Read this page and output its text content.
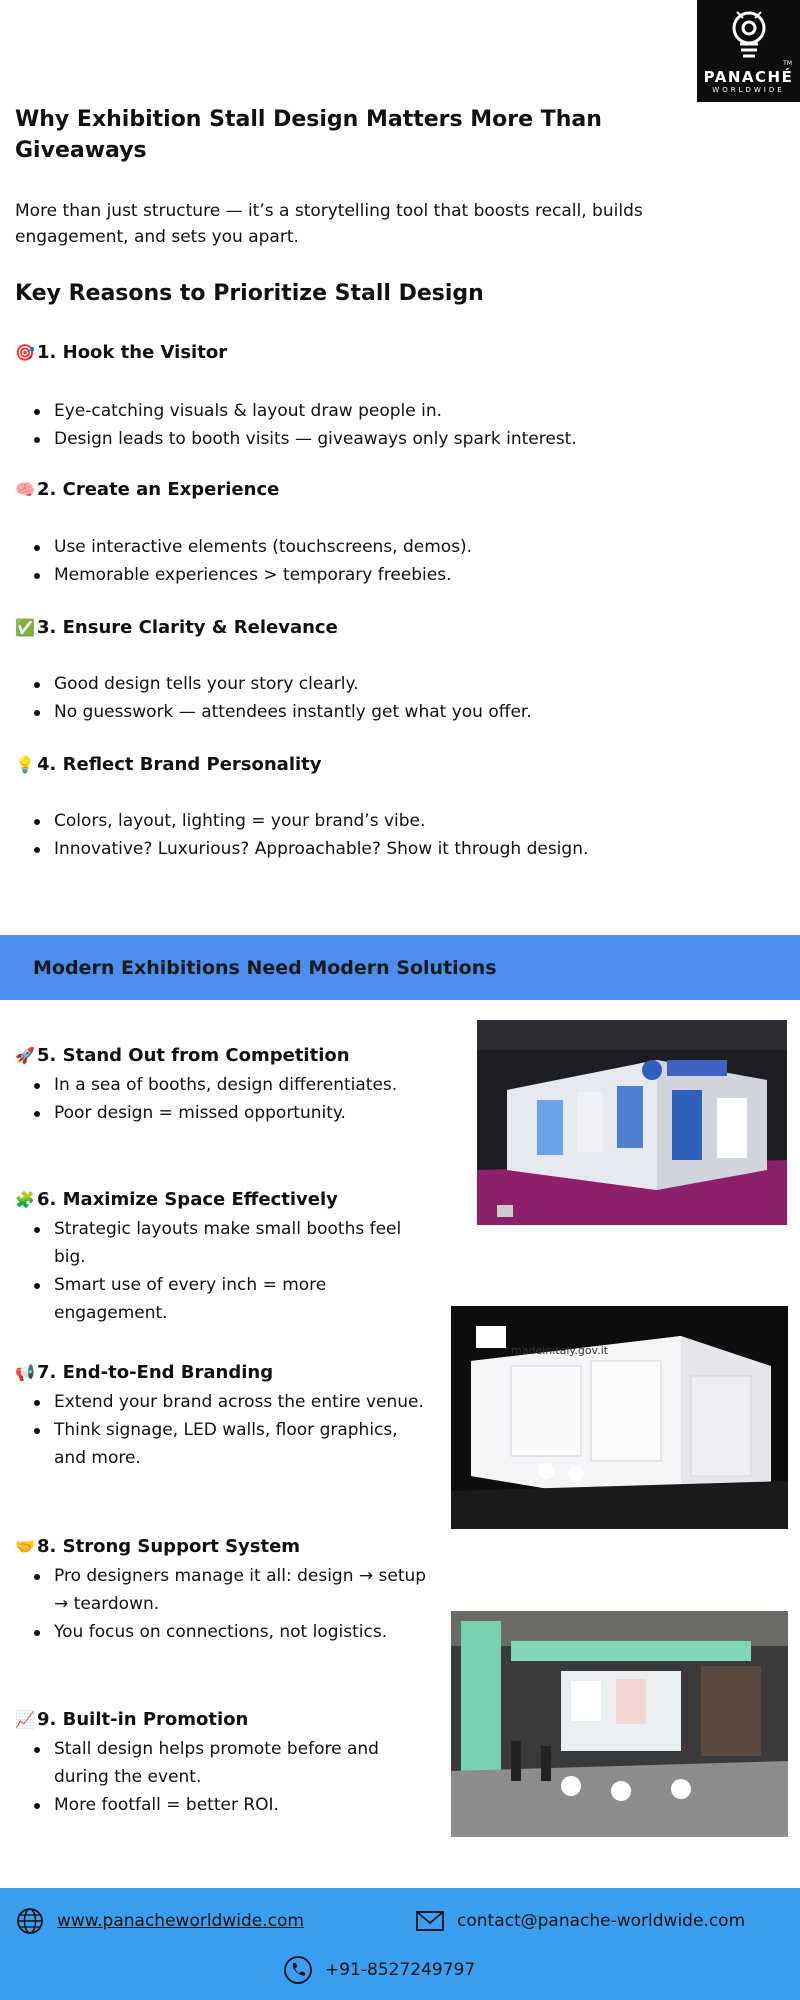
TM
PANACHÉ
WORLDWIDE
Why Exhibition Stall Design Matters More Than Giveaways

More than just structure — it’s a storytelling tool that boosts recall, builds engagement, and sets you apart.

Key Reasons to Prioritize Stall Design
🎯 1. Hook the Visitor
Eye-catching visuals & layout draw people in.
Design leads to booth visits — giveaways only spark interest.
🧠 2. Create an Experience
Use interactive elements (touchscreens, demos).
Memorable experiences > temporary freebies.
✅ 3. Ensure Clarity & Relevance
Good design tells your story clearly.
No guesswork — attendees instantly get what you offer.
💡 4. Reflect Brand Personality
Colors, layout, lighting = your brand’s vibe.
Innovative? Luxurious? Approachable? Show it through design.
Modern Exhibitions Need Modern Solutions
🚀 5. Stand Out from Competition
In a sea of booths, design differentiates.
Poor design = missed opportunity.
🧩 6. Maximize Space Effectively
Strategic layouts make small booths feel big.
Smart use of every inch = more engagement.
📢 7. End-to-End Branding
Extend your brand across the entire venue.
Think signage, LED walls, floor graphics, and more.
🤝 8. Strong Support System
Pro designers manage it all: design → setup → teardown.
You focus on connections, not logistics.
📈 9. Built-in Promotion
Stall design helps promote before and during the event.
More footfall = better ROI.
madeinitaly.gov.it
www.panacheworldwide.com	contact@panache-worldwide.com
+91-8527249797
